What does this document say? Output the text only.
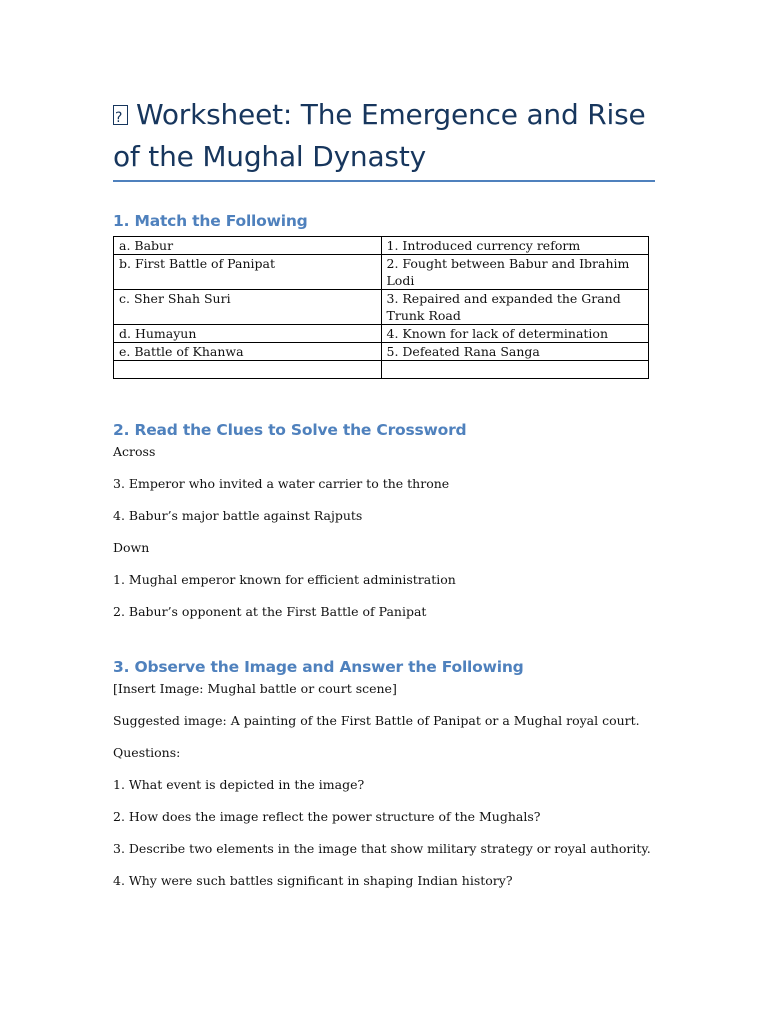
?Worksheet: The Emergence and Rise of the Mughal Dynasty
1. Match the Following
a. Babur	1. Introduced currency reform
b. First Battle of Panipat	2. Fought between Babur and Ibrahim Lodi
c. Sher Shah Suri	3. Repaired and expanded the Grand Trunk Road
d. Humayun	4. Known for lack of determination
e. Battle of Khanwa	5. Defeated Rana Sanga

2. Read the Clues to Solve the Crossword

Across

3. Emperor who invited a water carrier to the throne

4. Babur’s major battle against Rajputs

Down

1. Mughal emperor known for efficient administration

2. Babur’s opponent at the First Battle of Panipat

3. Observe the Image and Answer the Following

[Insert Image: Mughal battle or court scene]

Suggested image: A painting of the First Battle of Panipat or a Mughal royal court.

Questions:

1. What event is depicted in the image?

2. How does the image reflect the power structure of the Mughals?

3. Describe two elements in the image that show military strategy or royal authority.

4. Why were such battles significant in shaping Indian history?
